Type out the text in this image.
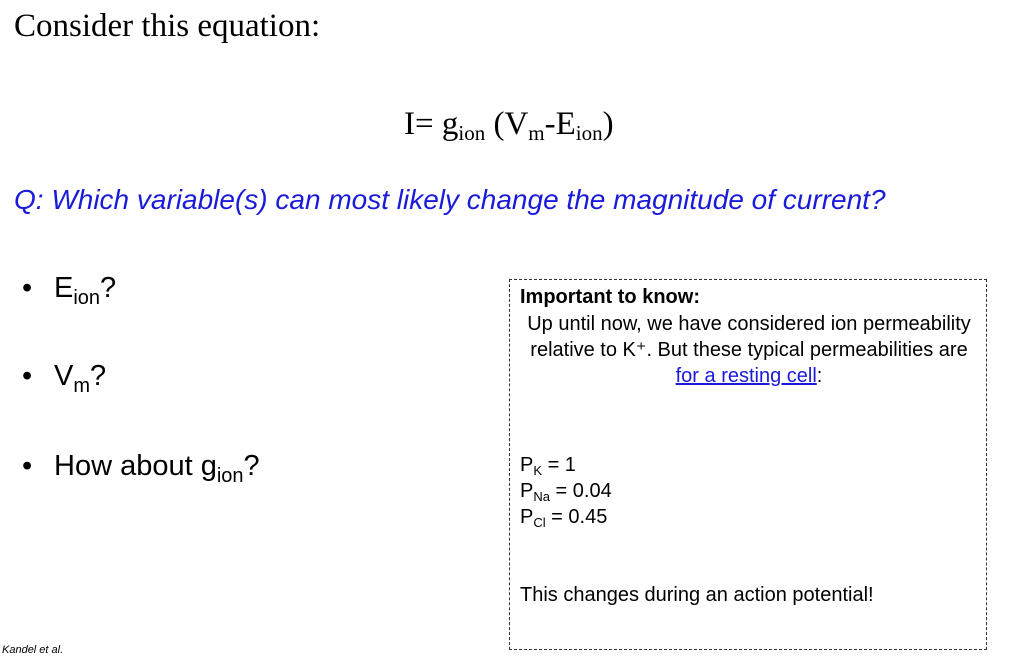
Consider this equation:
$I= g_{ion}$ $(V_m-E_{ion})$
Q: Which variable(s) can most likely change the magnitude of current?
• $E_{ion}$?
• $V_m$?
• How about $g_{ion}$?
Important to know:
Up until now, we have considered ion permeability relative to K⁺. But these typical permeabilities are for a resting cell:
$P_K = 1$
$P_{Na} = 0.04$
$P_{Cl} = 0.45$
This changes during an action potential!
Kandel et al.
